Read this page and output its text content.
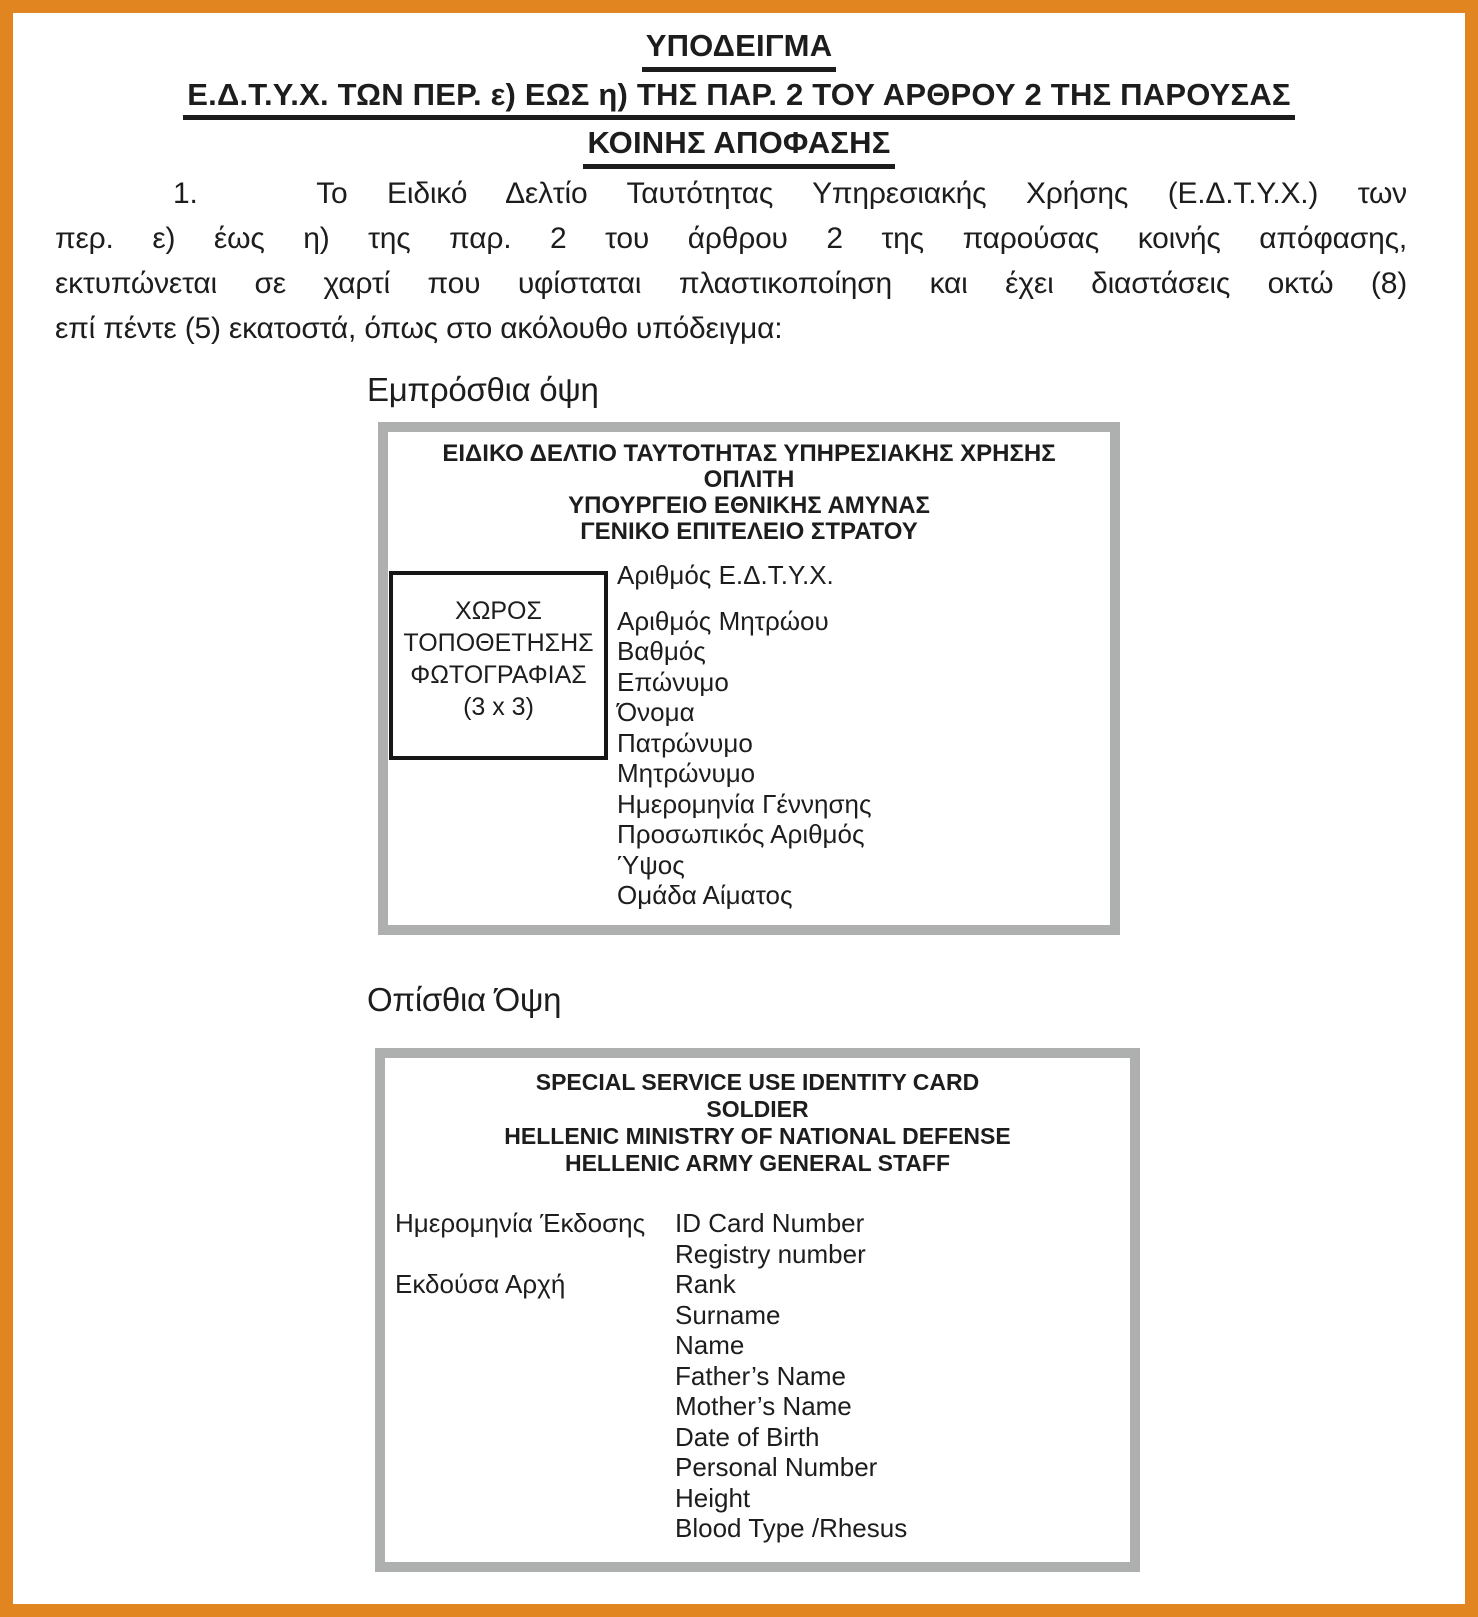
ΥΠΟΔΕΙΓΜΑ
Ε.Δ.Τ.Υ.Χ. ΤΩΝ ΠΕΡ. ε) ΕΩΣ η) ΤΗΣ ΠΑΡ. 2 ΤΟΥ ΑΡΘΡΟΥ 2 ΤΗΣ ΠΑΡΟΥΣΑΣ
ΚΟΙΝΗΣ ΑΠΟΦΑΣΗΣ
1.   Το Ειδικό Δελτίο Ταυτότητας Υπηρεσιακής Χρήσης (Ε.Δ.Τ.Υ.Χ.) των
περ. ε) έως η) της παρ. 2 του άρθρου 2 της παρούσας κοινής απόφασης,
εκτυπώνεται σε χαρτί που υφίσταται πλαστικοποίηση και έχει διαστάσεις οκτώ (8)
επί πέντε (5) εκατοστά, όπως στο ακόλουθο υπόδειγμα:
Εμπρόσθια όψη
ΕΙΔΙΚΟ ΔΕΛΤΙΟ ΤΑΥΤΟΤΗΤΑΣ ΥΠΗΡΕΣΙΑΚΗΣ ΧΡΗΣΗΣ
ΟΠΛΙΤΗ
ΥΠΟΥΡΓΕΙΟ ΕΘΝΙΚΗΣ ΑΜΥΝΑΣ
ΓΕΝΙΚΟ ΕΠΙΤΕΛΕΙΟ ΣΤΡΑΤΟΥ
ΧΩΡΟΣ
ΤΟΠΟΘΕΤΗΣΗΣ
ΦΩΤΟΓΡΑΦΙΑΣ
(3 x 3)
Αριθμός Ε.Δ.Τ.Υ.Χ.
Αριθμός Μητρώου
Βαθμός
Επώνυμο
Όνομα
Πατρώνυμο
Μητρώνυμο
Ημερομηνία Γέννησης
Προσωπικός Αριθμός
Ύψος
Ομάδα Αίματος
Οπίσθια Όψη
SPECIAL SERVICE USE IDENTITY CARD
SOLDIER
HELLENIC MINISTRY OF NATIONAL DEFENSE
HELLENIC ARMY GENERAL STAFF
Ημερομηνία Έκδοσης	ID Card Number
Registry number
Εκδούσα Αρχή	Rank
Surname
Name
Father’s Name
Mother’s Name
Date of Birth
Personal Number
Height
Blood Type /Rhesus
